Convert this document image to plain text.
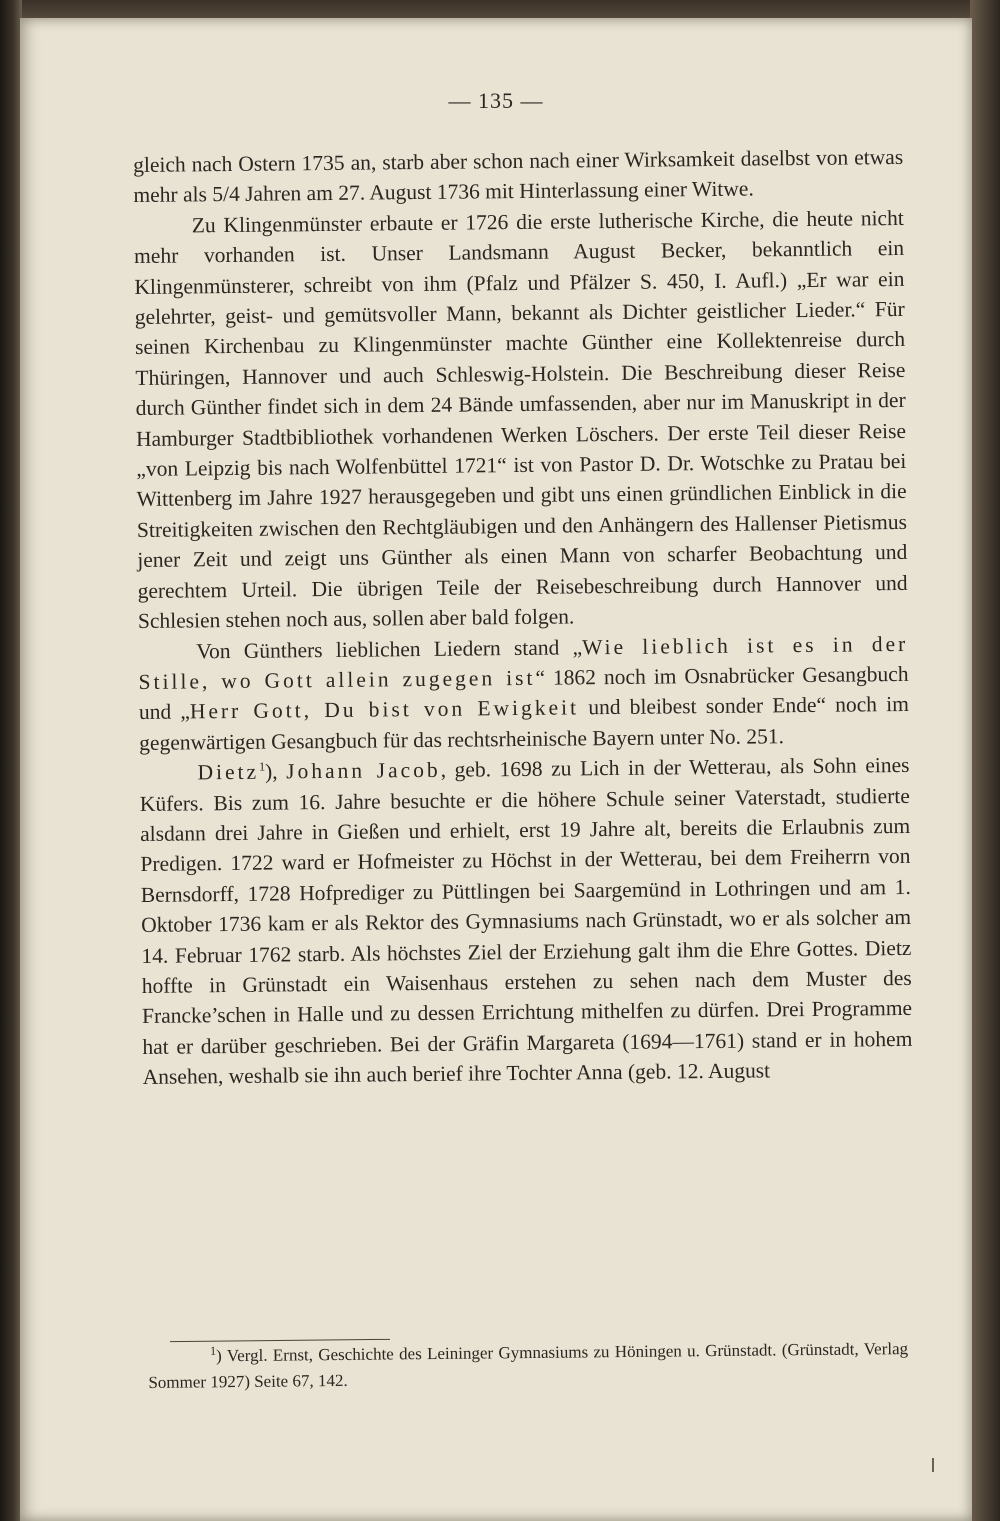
— 135 —

gleich nach Ostern 1735 an, starb aber schon nach einer Wirksamkeit daselbst von etwas mehr als 5/4 Jahren am 27. August 1736 mit Hinterlassung einer Witwe.

Zu Klingenmünster erbaute er 1726 die erste lutherische Kirche, die heute nicht mehr vorhanden ist. Unser Landsmann August Becker, bekanntlich ein Klingenmünsterer, schreibt von ihm (Pfalz und Pfälzer S. 450, I. Aufl.) „Er war ein gelehrter, geist- und gemütsvoller Mann, bekannt als Dichter geistlicher Lieder.“ Für seinen Kirchenbau zu Klingenmünster machte Günther eine Kollektenreise durch Thüringen, Hannover und auch Schleswig-Holstein. Die Beschreibung dieser Reise durch Günther findet sich in dem 24 Bände umfassenden, aber nur im Manuskript in der Hamburger Stadtbibliothek vorhandenen Werken Löschers. Der erste Teil dieser Reise „von Leipzig bis nach Wolfenbüttel 1721“ ist von Pastor D. Dr. Wotschke zu Pratau bei Wittenberg im Jahre 1927 herausgegeben und gibt uns einen gründlichen Einblick in die Streitigkeiten zwischen den Rechtgläubigen und den Anhängern des Hallenser Pietismus jener Zeit und zeigt uns Günther als einen Mann von scharfer Beobachtung und gerechtem Urteil. Die übrigen Teile der Reisebeschreibung durch Hannover und Schlesien stehen noch aus, sollen aber bald folgen.

Von Günthers lieblichen Liedern stand „Wie lieblich ist es in der Stille, wo Gott allein zugegen ist“ 1862 noch im Osnabrücker Gesangbuch und „Herr Gott, Du bist von Ewigkeit und bleibest sonder Ende“ noch im gegenwärtigen Gesangbuch für das rechtsrheinische Bayern unter No. 251.

Dietz$^1$), Johann Jacob, geb. 1698 zu Lich in der Wetterau, als Sohn eines Küfers. Bis zum 16. Jahre besuchte er die höhere Schule seiner Vaterstadt, studierte alsdann drei Jahre in Gießen und erhielt, erst 19 Jahre alt, bereits die Erlaubnis zum Predigen. 1722 ward er Hofmeister zu Höchst in der Wetterau, bei dem Freiherrn von Bernsdorff, 1728 Hofprediger zu Püttlingen bei Saargemünd in Lothringen und am 1. Oktober 1736 kam er als Rektor des Gymnasiums nach Grünstadt, wo er als solcher am 14. Februar 1762 starb. Als höchstes Ziel der Erziehung galt ihm die Ehre Gottes. Dietz hoffte in Grünstadt ein Waisenhaus erstehen zu sehen nach dem Muster des Francke’schen in Halle und zu dessen Errichtung mithelfen zu dürfen. Drei Programme hat er darüber geschrieben. Bei der Gräfin Margareta (1694—1761) stand er in hohem Ansehen, weshalb sie ihn auch berief ihre Tochter Anna (geb. 12. August

$^1$) Vergl. Ernst, Geschichte des Leininger Gymnasiums zu Höningen u. Grünstadt. (Grünstadt, Verlag Sommer 1927) Seite 67, 142.
